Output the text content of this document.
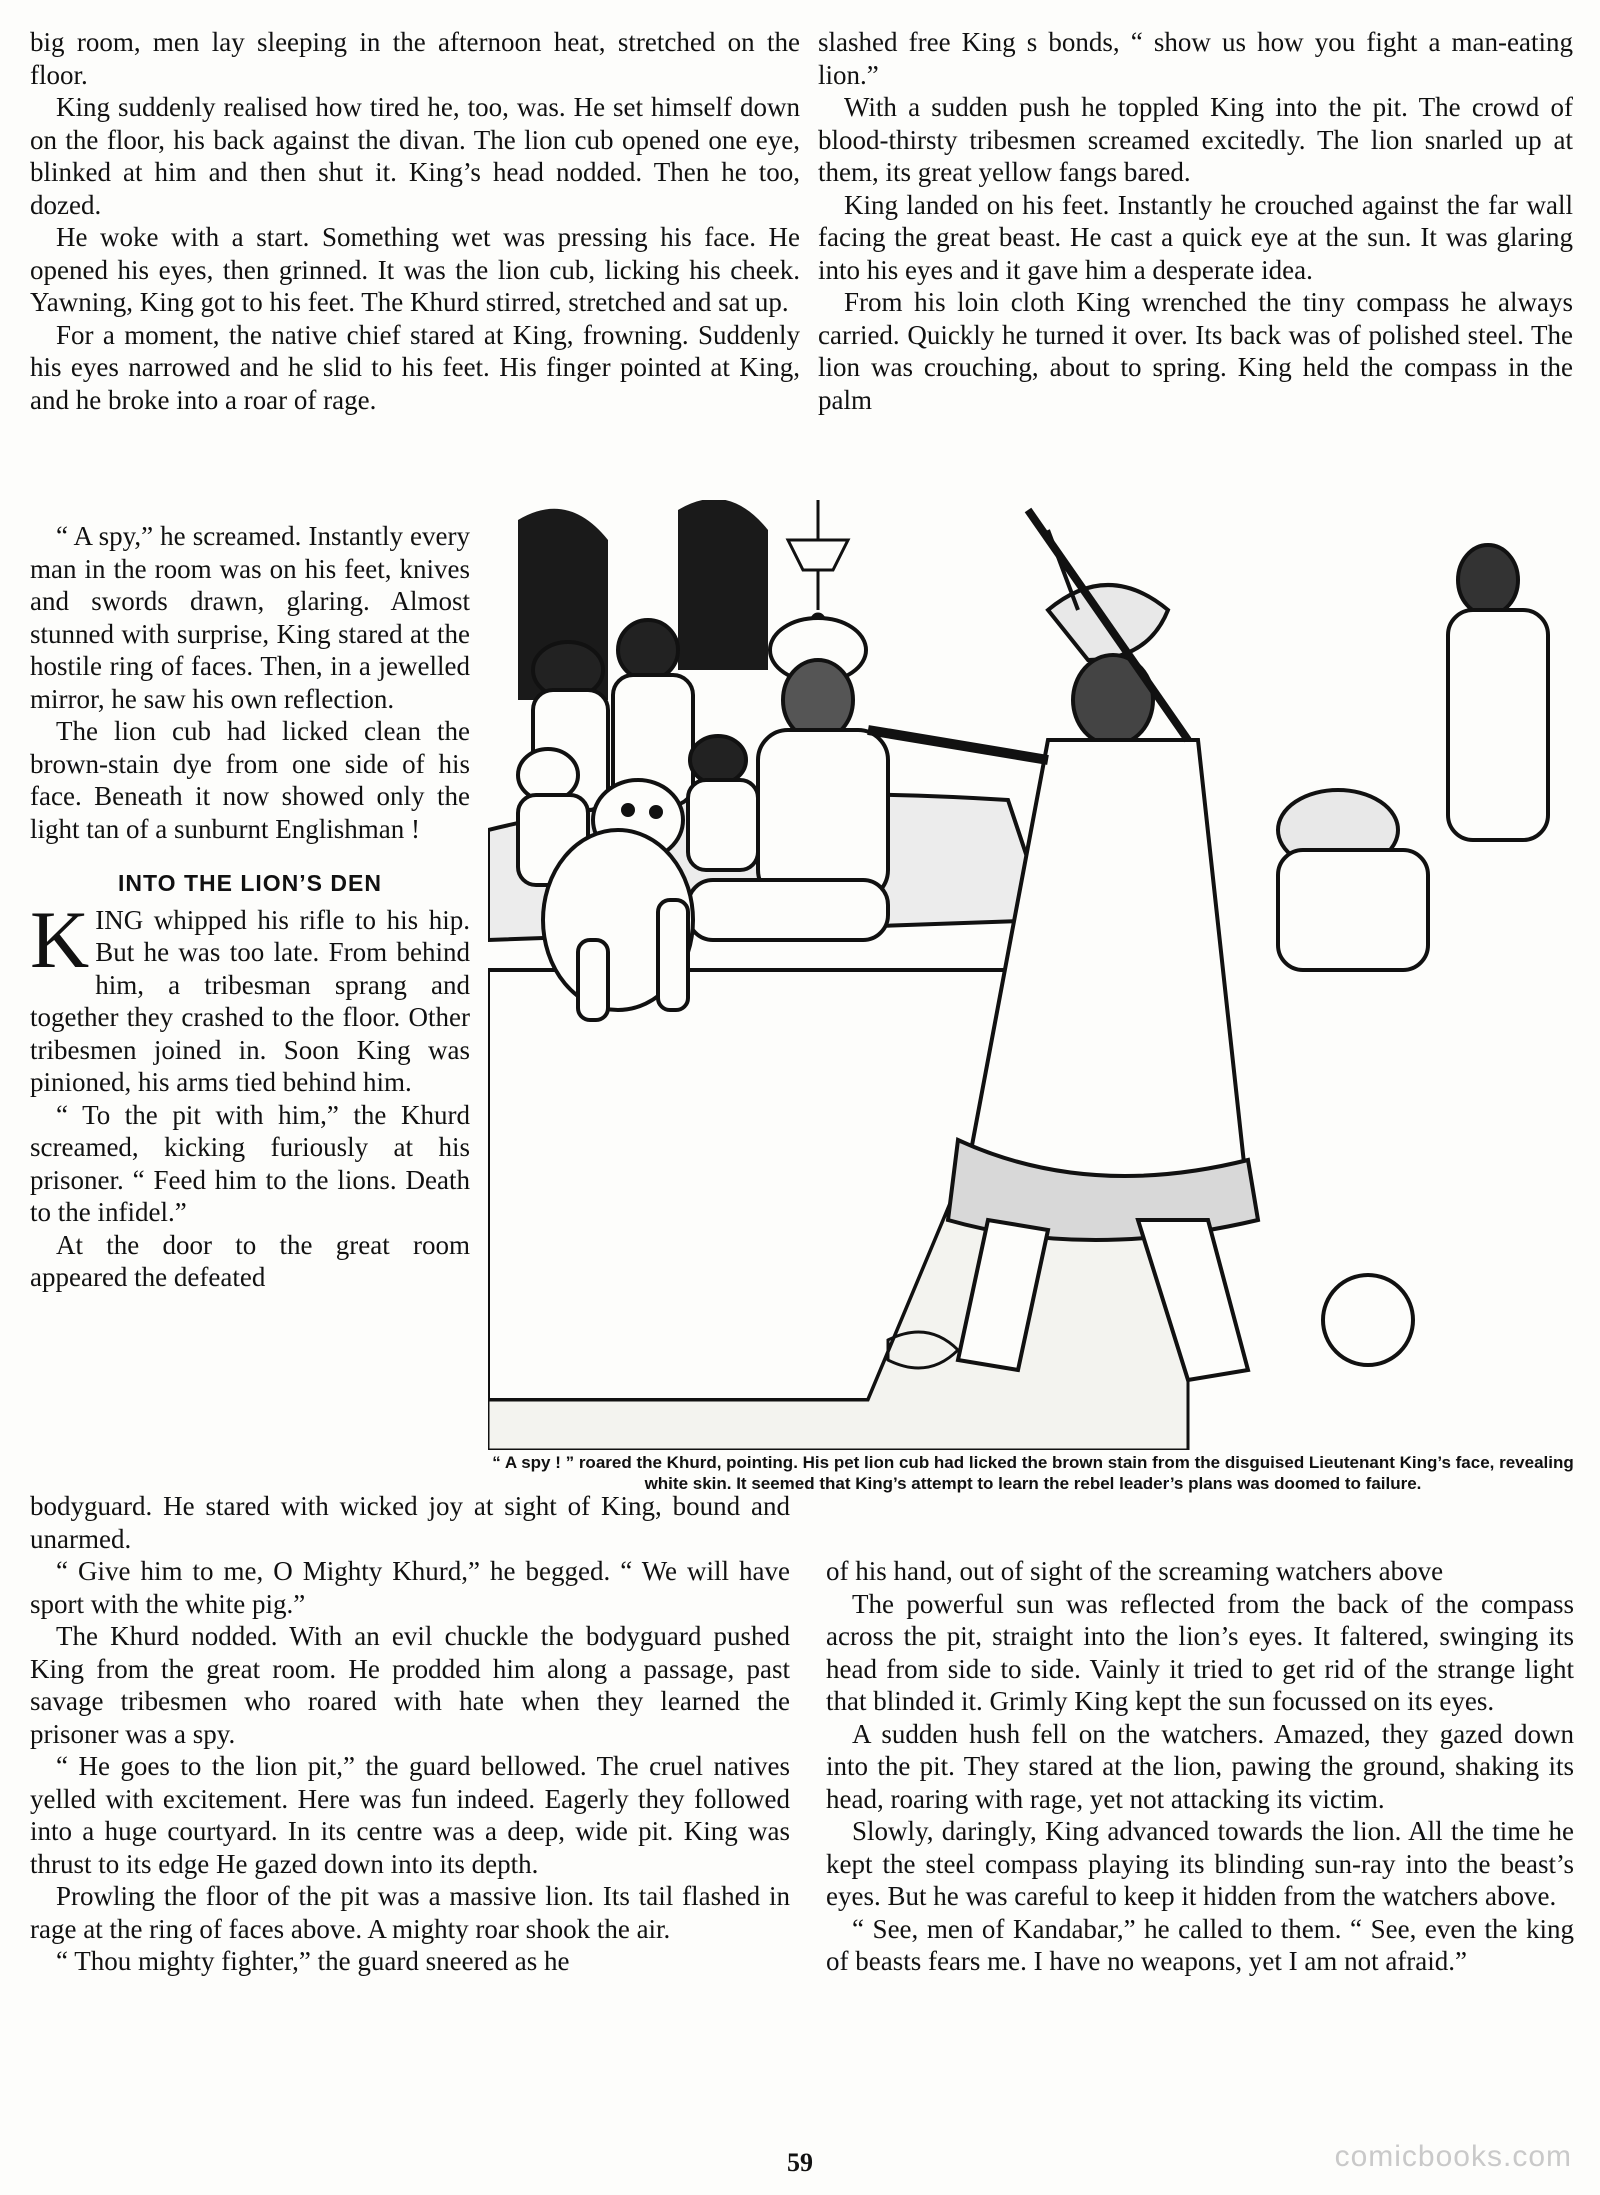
big room, men lay sleeping in the afternoon heat, stretched on the floor.

King suddenly realised how tired he, too, was. He set himself down on the floor, his back against the divan. The lion cub opened one eye, blinked at him and then shut it. King’s head nodded. Then he too, dozed.

He woke with a start. Something wet was pressing his face. He opened his eyes, then grinned. It was the lion cub, licking his cheek. Yawning, King got to his feet. The Khurd stirred, stretched and sat up.

For a moment, the native chief stared at King, frowning. Suddenly his eyes narrowed and he slid to his feet. His finger pointed at King, and he broke into a roar of rage.

slashed free King s bonds, “ show us how you fight a man-eating lion.”

With a sudden push he toppled King into the pit. The crowd of blood-thirsty tribesmen screamed excitedly. The lion snarled up at them, its great yellow fangs bared.

King landed on his feet. Instantly he crouched against the far wall facing the great beast. He cast a quick eye at the sun. It was glaring into his eyes and it gave him a desperate idea.

From his loin cloth King wrenched the tiny compass he always carried. Quickly he turned it over. Its back was of polished steel. The lion was crouching, about to spring. King held the compass in the palm

“ A spy,” he screamed. Instantly every man in the room was on his feet, knives and swords drawn, glaring. Almost stunned with surprise, King stared at the hostile ring of faces. Then, in a jewelled mirror, he saw his own reflection.

The lion cub had licked clean the brown-stain dye from one side of his face. Beneath it now showed only the light tan of a sunburnt Englishman !

INTO THE LION’S DEN

KING whipped his rifle to his hip. But he was too late. From behind him, a tribesman sprang and together they crashed to the floor. Other tribesmen joined in. Soon King was pinioned, his arms tied behind him.

“ To the pit with him,” the Khurd screamed, kicking furiously at his prisoner. “ Feed him to the lions. Death to the infidel.”

At the door to the great room appeared the defeated

“ A spy ! ” roared the Khurd, pointing. His pet lion cub had licked the brown stain from the disguised Lieutenant King’s face, revealing white skin. It seemed that King’s attempt to learn the rebel leader’s plans was doomed to failure.

bodyguard. He stared with wicked joy at sight of King, bound and unarmed.

“ Give him to me, O Mighty Khurd,” he begged. “ We will have sport with the white pig.”

The Khurd nodded. With an evil chuckle the bodyguard pushed King from the great room. He prodded him along a passage, past savage tribesmen who roared with hate when they learned the prisoner was a spy.

“ He goes to the lion pit,” the guard bellowed. The cruel natives yelled with excitement. Here was fun indeed. Eagerly they followed into a huge courtyard. In its centre was a deep, wide pit. King was thrust to its edge He gazed down into its depth.

Prowling the floor of the pit was a massive lion. Its tail flashed in rage at the ring of faces above. A mighty roar shook the air.

“ Thou mighty fighter,” the guard sneered as he

of his hand, out of sight of the screaming watchers above

The powerful sun was reflected from the back of the compass across the pit, straight into the lion’s eyes. It faltered, swinging its head from side to side. Vainly it tried to get rid of the strange light that blinded it. Grimly King kept the sun focussed on its eyes.

A sudden hush fell on the watchers. Amazed, they gazed down into the pit. They stared at the lion, pawing the ground, shaking its head, roaring with rage, yet not attacking its victim.

Slowly, daringly, King advanced towards the lion. All the time he kept the steel compass playing its blinding sun-ray into the beast’s eyes. But he was careful to keep it hidden from the watchers above.

“ See, men of Kandabar,” he called to them. “ See, even the king of beasts fears me. I have no weapons, yet I am not afraid.”

59	comicbooks.com
